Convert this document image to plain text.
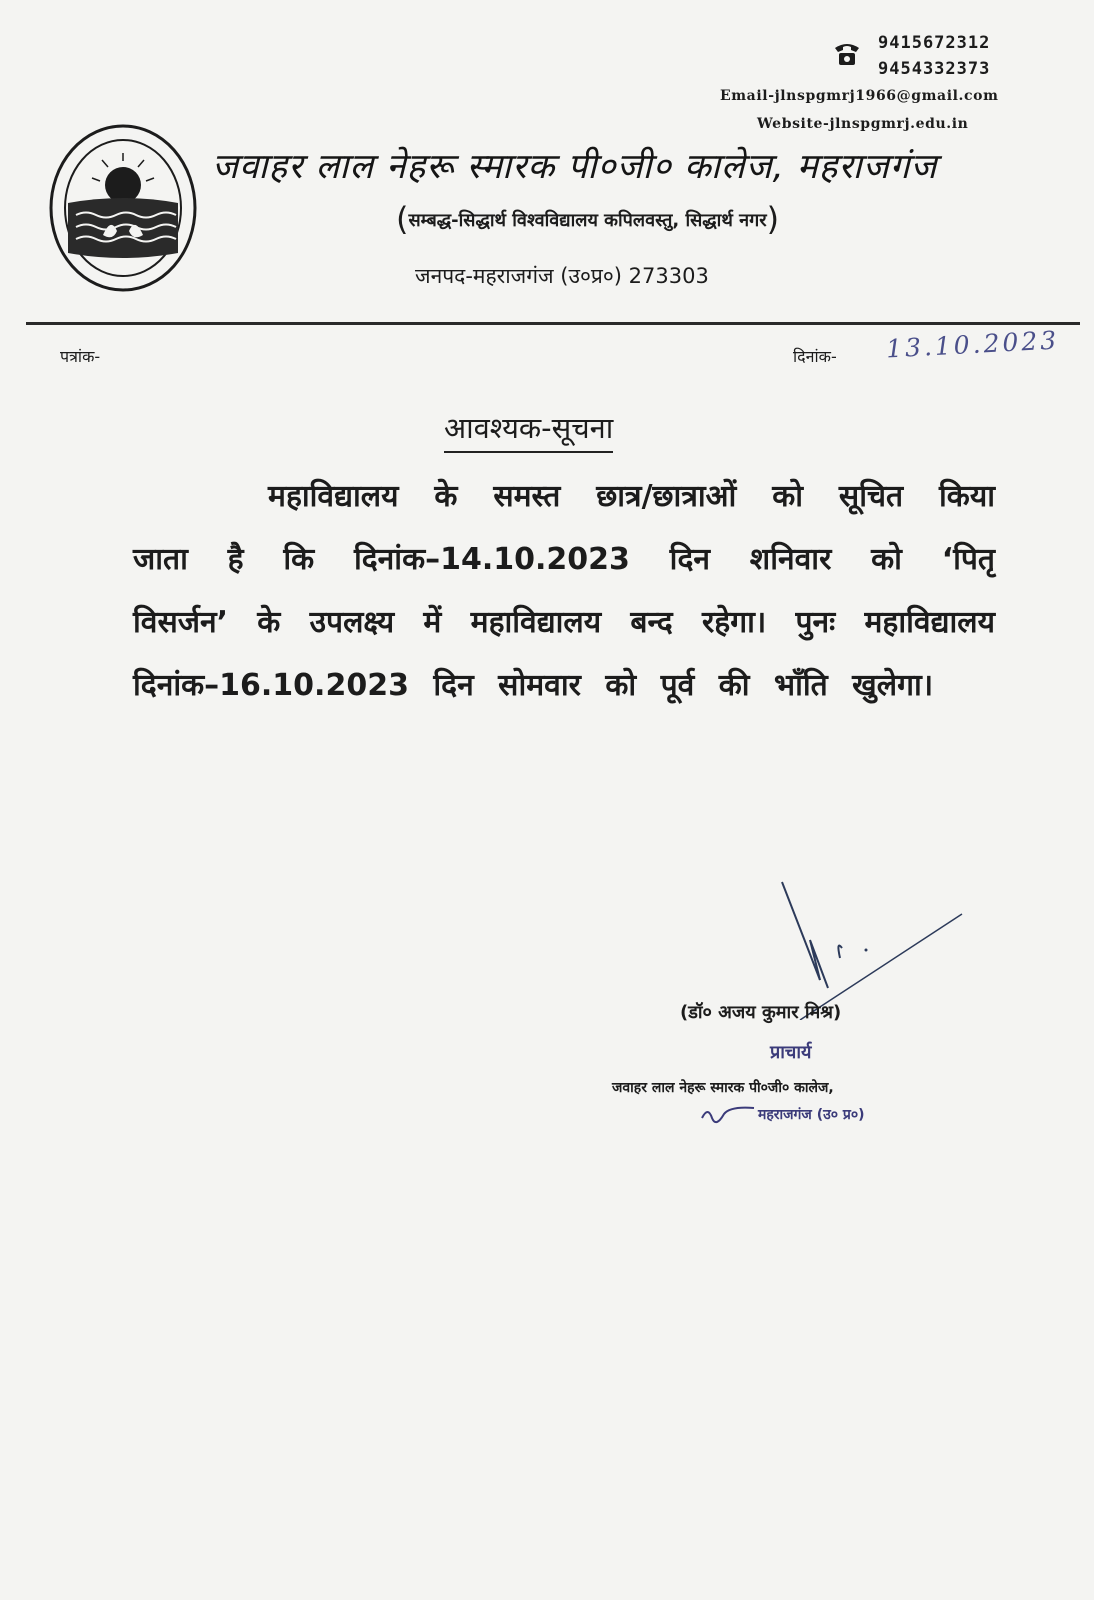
9415672312
9454332373
Email-jlnspgmrj1966@gmail.com
Website-jlnspgmrj.edu.in
जवाहर लाल नेहरू स्मारक पी०जी० कालेज, महराजगंज
(सम्बद्ध-सिद्धार्थ विश्वविद्यालय कपिलवस्तु, सिद्धार्थ नगर)
जनपद-महराजगंज (उ०प्र०) 273303
पत्रांक-	दिनांक- 13.10.2023
आवश्यक-सूचना
महाविद्यालय के समस्त छात्र/छात्राओं को सूचित किया जाता है कि दिनांक–14.10.2023 दिन शनिवार को ‘पितृ विसर्जन’ के उपलक्ष्य में महाविद्यालय बन्द रहेगा। पुनः महाविद्यालय दिनांक–16.10.2023 दिन सोमवार को पूर्व की भाँति खुलेगा।
(डॉ० अजय कुमार मिश्र)
प्राचार्य
जवाहर लाल नेहरू स्मारक पी०जी० कालेज,
महराजगंज (उ० प्र०)
